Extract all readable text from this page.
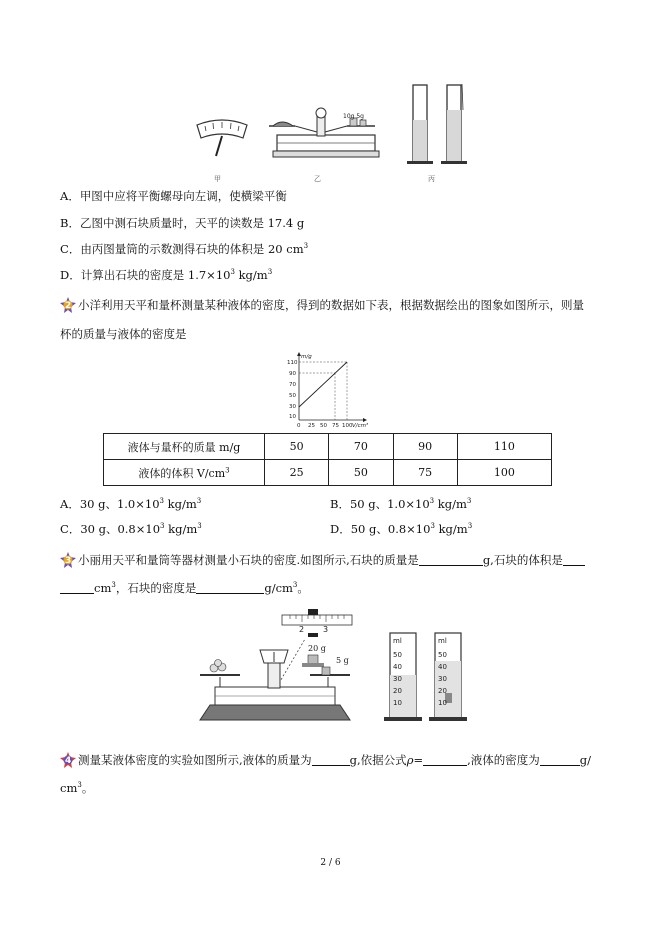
10g 5g
甲	乙	丙
A．甲图中应将平衡螺母向左调，使横梁平衡
B．乙图中测石块质量时，天平的读数是 17.4 g
C．由丙图量筒的示数测得石块的体积是 20 $cm^3$
D．计算出石块的密度是 $1.7\times 10^3$ $kg/m^3$
2 小洋利用天平和量杯测量某种液体的密度，得到的数据如下表，根据数据绘出的图象如图所示，则量
杯的质量与液体的密度是
m/g
110
90
70
50
30
10
0 25 50 75 100 V/cm³
液体与量杯的质量 m/g	50	70	90	110
液体的体积 $V/cm^3$	25	50	75	100
A．30 g、$1.0\times 10^3$ $kg/m^3$	B．50 g、$1.0\times 10^3$ $kg/m^3$
C．30 g、$0.8\times 10^3$ $kg/m^3$	D．50 g、$0.8\times 10^3$ $kg/m^3$
3 小丽用天平和量筒等器材测量小石块的密度.如图所示,石块的质量是	g,石块的体积是
$cm^3$，石块的密度是	$g/cm^3$。
2 3
20 g
5 g
ml
50
40
30
20
10
ml
50
40
30
20
10
4 测量某液体密度的实验如图所示,液体的质量为	g,依据公式ρ=	,液体的密度为	g/
$cm^3$。
2 / 6
